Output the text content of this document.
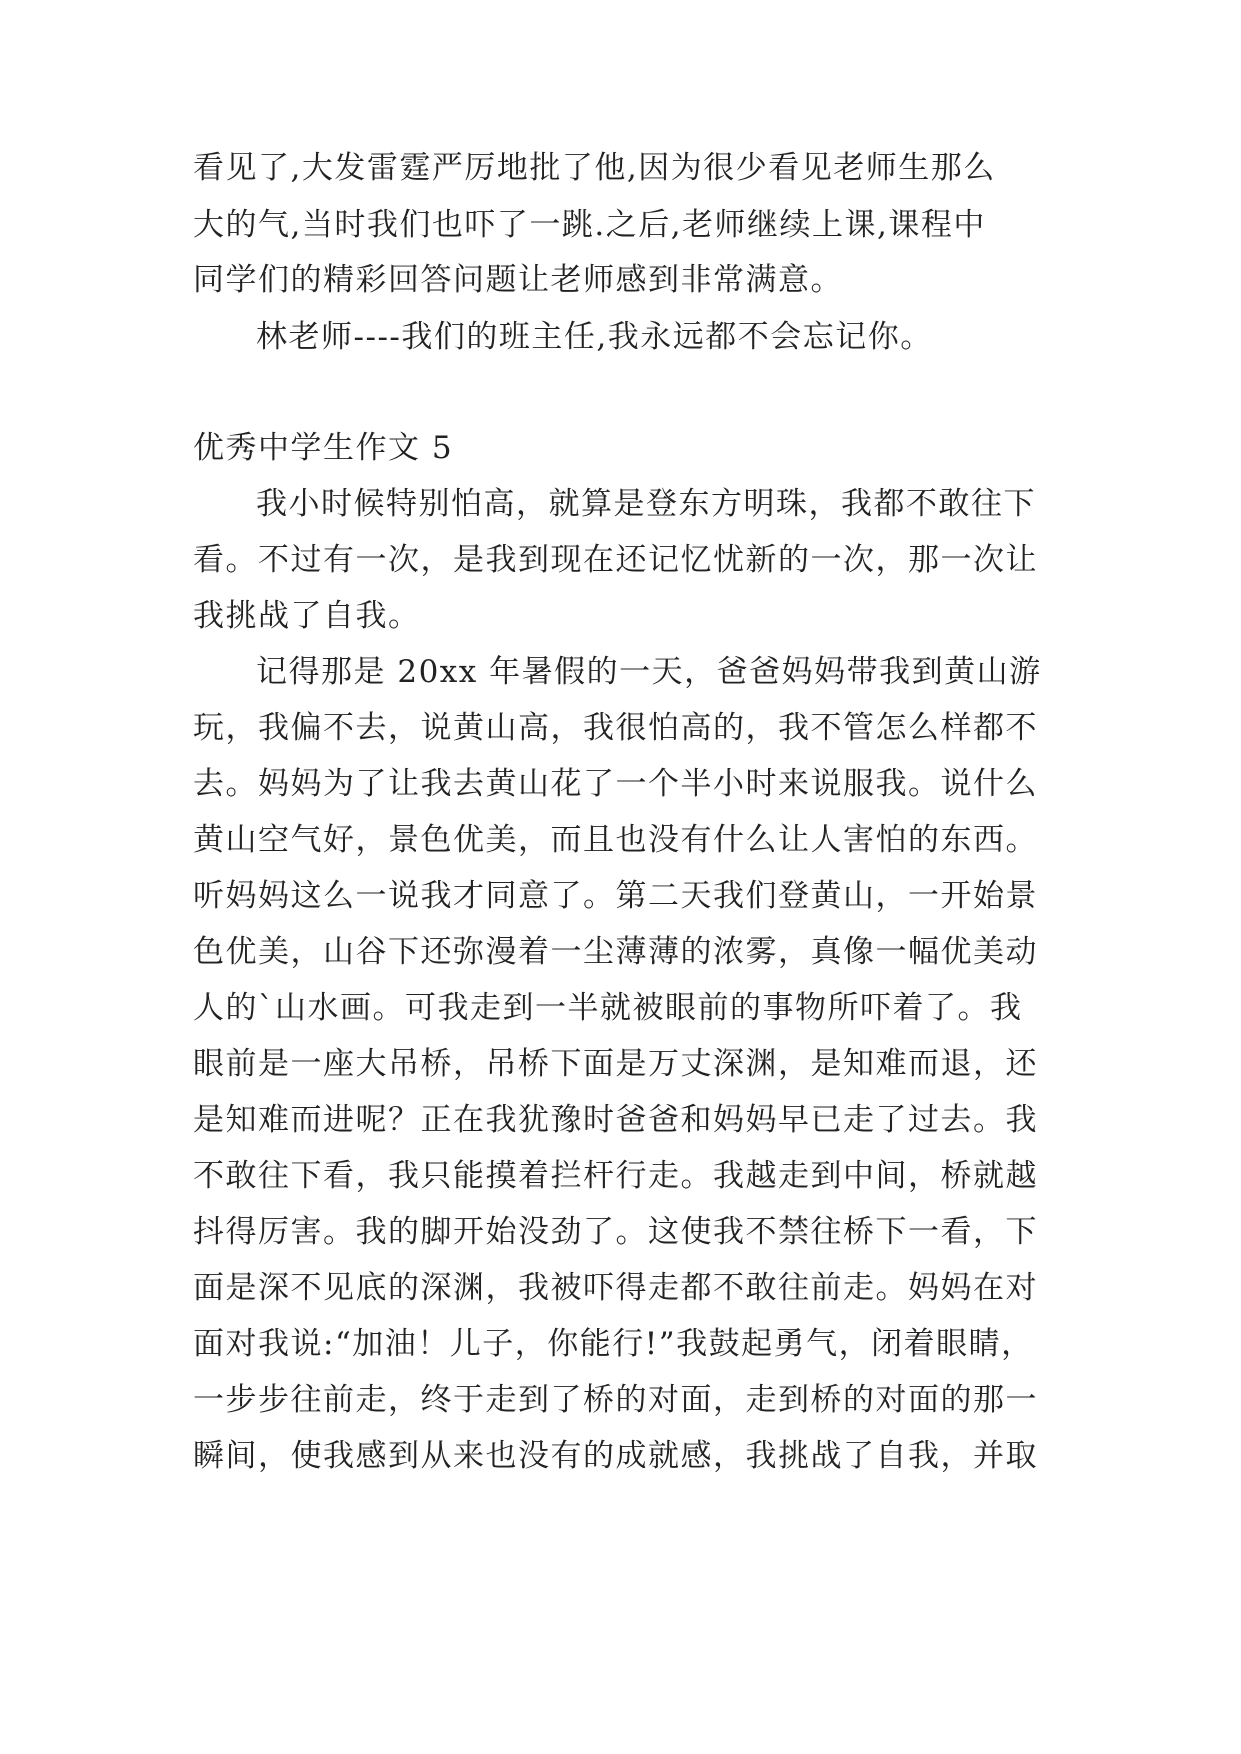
看见了,大发雷霆严厉地批了他,因为很少看见老师生那么
大的气,当时我们也吓了一跳.之后,老师继续上课,课程中
同学们的精彩回答问题让老师感到非常满意。
林老师----我们的班主任,我永远都不会忘记你。
优秀中学生作文 5
我小时候特别怕高，就算是登东方明珠，我都不敢往下
看。不过有一次，是我到现在还记忆忧新的一次，那一次让
我挑战了自我。
记得那是 20xx 年暑假的一天，爸爸妈妈带我到黄山游
玩，我偏不去，说黄山高，我很怕高的，我不管怎么样都不
去。妈妈为了让我去黄山花了一个半小时来说服我。说什么
黄山空气好，景色优美，而且也没有什么让人害怕的东西。
听妈妈这么一说我才同意了。第二天我们登黄山，一开始景
色优美，山谷下还弥漫着一尘薄薄的浓雾，真像一幅优美动
人的`山水画。可我走到一半就被眼前的事物所吓着了。我
眼前是一座大吊桥，吊桥下面是万丈深渊，是知难而退，还
是知难而进呢？正在我犹豫时爸爸和妈妈早已走了过去。我
不敢往下看，我只能摸着拦杆行走。我越走到中间，桥就越
抖得厉害。我的脚开始没劲了。这使我不禁往桥下一看，下
面是深不见底的深渊，我被吓得走都不敢往前走。妈妈在对
面对我说:“加油！儿子，你能行!”我鼓起勇气，闭着眼睛，
一步步往前走，终于走到了桥的对面，走到桥的对面的那一
瞬间，使我感到从来也没有的成就感，我挑战了自我，并取
